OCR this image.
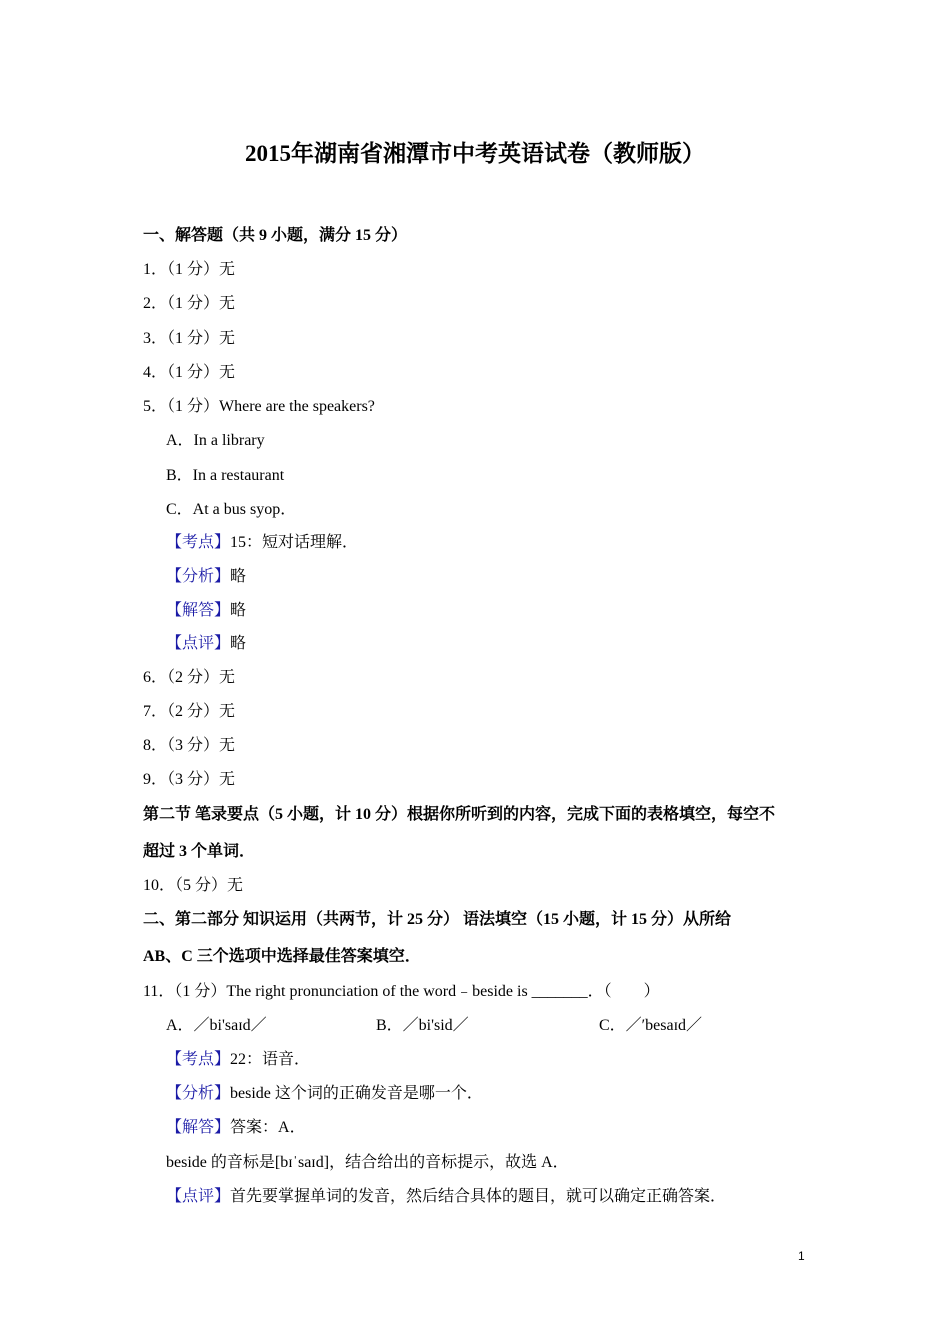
2015年湖南省湘潭市中考英语试卷（教师版）
一、解答题（共 9 小题，满分 15 分）
1．（1 分）无
2．（1 分）无
3．（1 分）无
4．（1 分）无
5．（1 分）Where are the speakers?
A．In a library
B．In a restaurant
C．At a bus syop．
【考点】15：短对话理解．
【分析】略
【解答】略
【点评】略
6．（2 分）无
7．（2 分）无
8．（3 分）无
9．（3 分）无
第二节 笔录要点（5 小题，计 10 分）根据你所听到的内容，完成下面的表格填空，每空不
超过 3 个单词．
10．（5 分）无
二、第二部分 知识运用（共两节，计 25 分） 语法填空（15 小题，计 15 分）从所给
AB、C 三个选项中选择最佳答案填空．
11．（1 分）The right pronunciation of the word﹣beside is _______．（　　）
A．／bi'saɪd／	B．／bi'sid／	C．／′besaɪd／
【考点】22：语音．
【分析】beside 这个词的正确发音是哪一个．
【解答】答案：A．
beside 的音标是[bɪˈsaɪd]，结合给出的音标提示，故选 A．
【点评】首先要掌握单词的发音，然后结合具体的题目，就可以确定正确答案．
1
